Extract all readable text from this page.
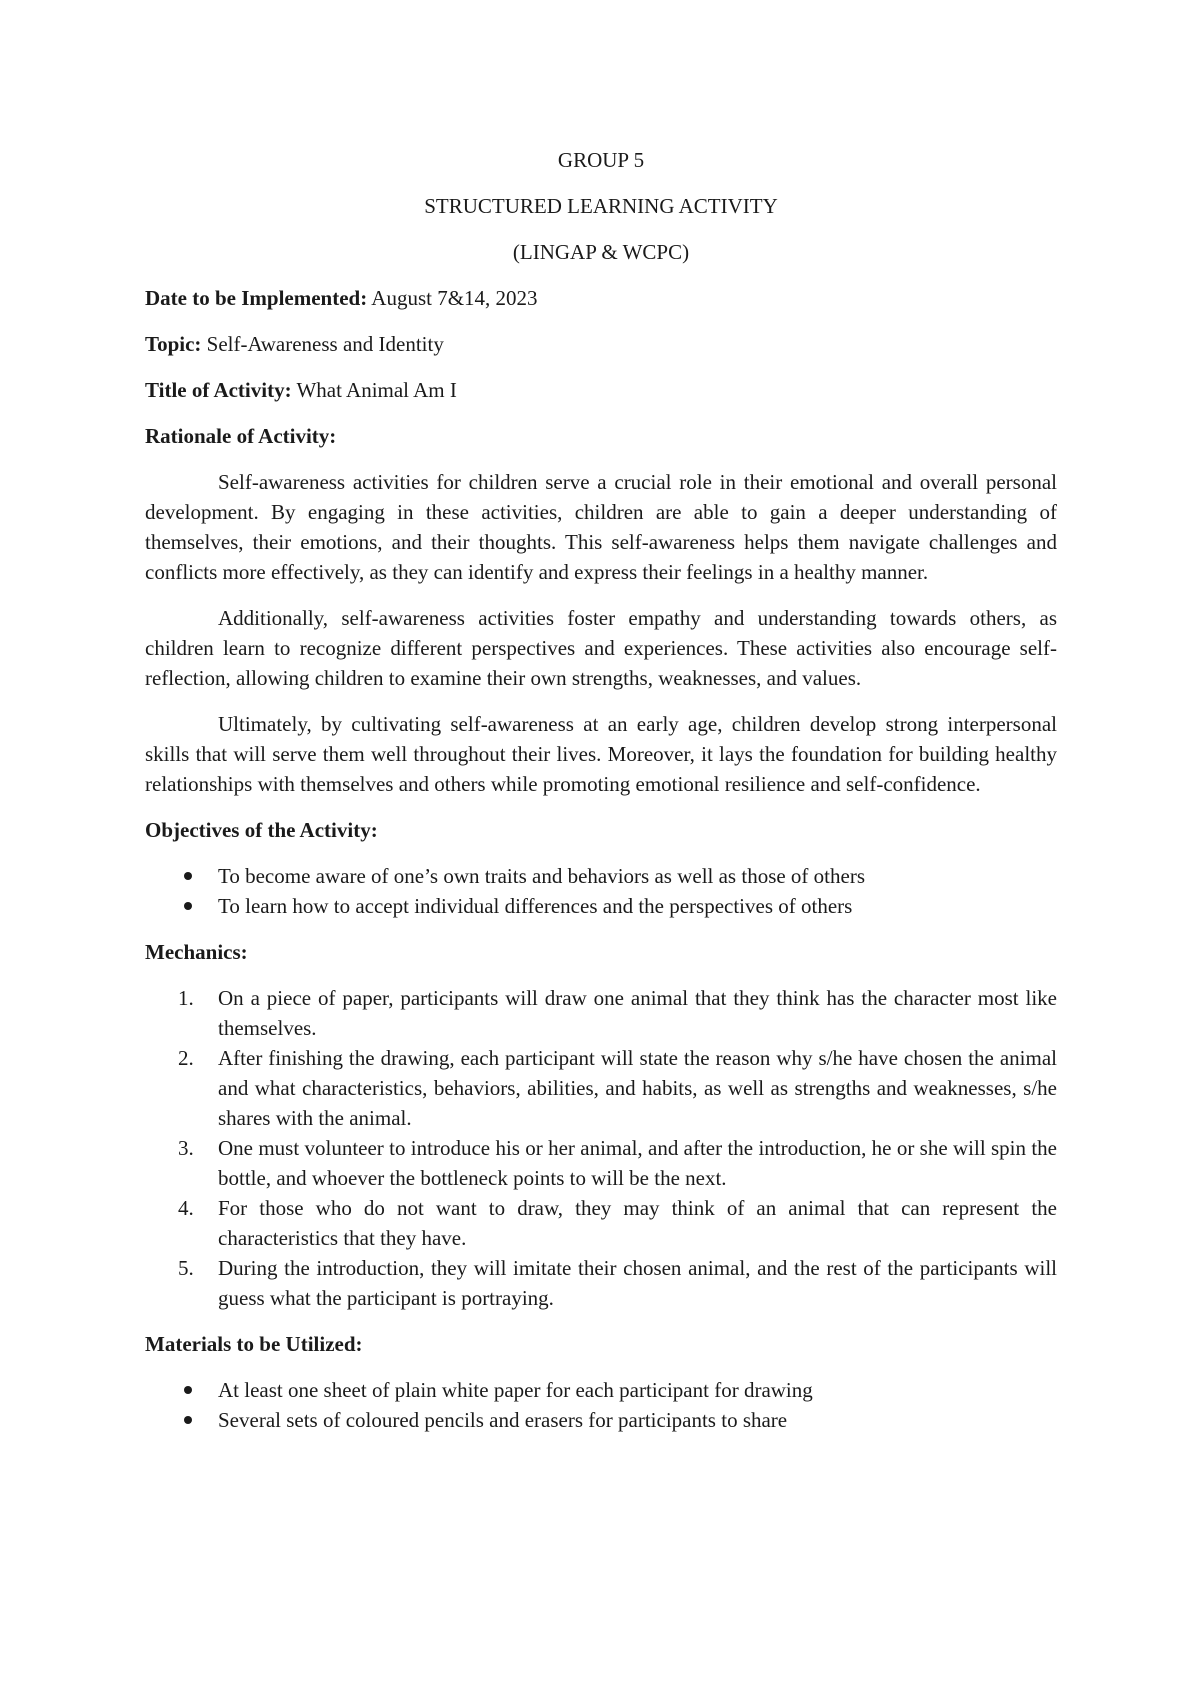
GROUP 5

STRUCTURED LEARNING ACTIVITY

(LINGAP & WCPC)

Date to be Implemented: August 7&14, 2023

Topic: Self-Awareness and Identity

Title of Activity: What Animal Am I

Rationale of Activity:

Self-awareness activities for children serve a crucial role in their emotional and overall personal development. By engaging in these activities, children are able to gain a deeper understanding of themselves, their emotions, and their thoughts. This self-awareness helps them navigate challenges and conflicts more effectively, as they can identify and express their feelings in a healthy manner.

Additionally, self-awareness activities foster empathy and understanding towards others, as children learn to recognize different perspectives and experiences. These activities also encourage self-reflection, allowing children to examine their own strengths, weaknesses, and values.

Ultimately, by cultivating self-awareness at an early age, children develop strong interpersonal skills that will serve them well throughout their lives. Moreover, it lays the foundation for building healthy relationships with themselves and others while promoting emotional resilience and self-confidence.

Objectives of the Activity:

To become aware of one’s own traits and behaviors as well as those of others
To learn how to accept individual differences and the perspectives of others

Mechanics:

1. On a piece of paper, participants will draw one animal that they think has the character most like themselves.
2. After finishing the drawing, each participant will state the reason why s/he have chosen the animal and what characteristics, behaviors, abilities, and habits, as well as strengths and weaknesses, s/he shares with the animal.
3. One must volunteer to introduce his or her animal, and after the introduction, he or she will spin the bottle, and whoever the bottleneck points to will be the next.
4. For those who do not want to draw, they may think of an animal that can represent the characteristics that they have.
5. During the introduction, they will imitate their chosen animal, and the rest of the participants will guess what the participant is portraying.

Materials to be Utilized:

At least one sheet of plain white paper for each participant for drawing
Several sets of coloured pencils and erasers for participants to share
